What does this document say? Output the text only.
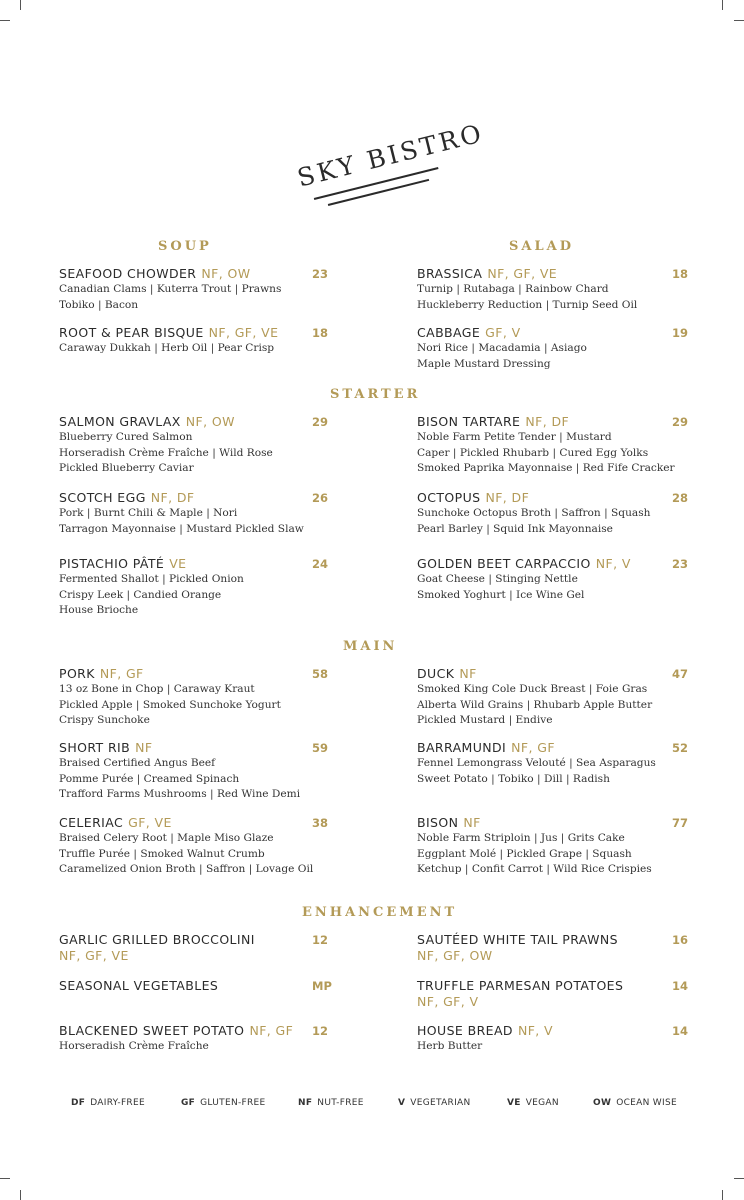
SKY BISTRO
SOUP	SALAD
STARTER
MAIN
ENHANCEMENT
SEAFOOD CHOWDER NF, OW
Canadian Clams | Kuterra Trout | Prawns
Tobiko | Bacon
23
ROOT & PEAR BISQUE NF, GF, VE
Caraway Dukkah | Herb Oil | Pear Crisp
18
BRASSICA NF, GF, VE
Turnip | Rutabaga | Rainbow Chard
Huckleberry Reduction | Turnip Seed Oil
18
CABBAGE GF, V
Nori Rice | Macadamia | Asiago
Maple Mustard Dressing
19
SALMON GRAVLAX NF, OW
Blueberry Cured Salmon
Horseradish Crème Fraîche | Wild Rose
Pickled Blueberry Caviar
29
SCOTCH EGG NF, DF
Pork | Burnt Chili & Maple | Nori
Tarragon Mayonnaise | Mustard Pickled Slaw
26
PISTACHIO PÂTÉ VE
Fermented Shallot | Pickled Onion
Crispy Leek | Candied Orange
House Brioche
24
BISON TARTARE NF, DF
Noble Farm Petite Tender | Mustard
Caper | Pickled Rhubarb | Cured Egg Yolks
Smoked Paprika Mayonnaise | Red Fife Cracker
29
OCTOPUS NF, DF
Sunchoke Octopus Broth | Saffron | Squash
Pearl Barley | Squid Ink Mayonnaise
28
GOLDEN BEET CARPACCIO NF, V
Goat Cheese | Stinging Nettle
Smoked Yoghurt | Ice Wine Gel
23
PORK NF, GF
13 oz Bone in Chop | Caraway Kraut
Pickled Apple | Smoked Sunchoke Yogurt
Crispy Sunchoke
58
SHORT RIB NF
Braised Certified Angus Beef
Pomme Purée | Creamed Spinach
Trafford Farms Mushrooms | Red Wine Demi
59
CELERIAC GF, VE
Braised Celery Root | Maple Miso Glaze
Truffle Purée | Smoked Walnut Crumb
Caramelized Onion Broth | Saffron | Lovage Oil
38
DUCK NF
Smoked King Cole Duck Breast | Foie Gras
Alberta Wild Grains | Rhubarb Apple Butter
Pickled Mustard | Endive
47
BARRAMUNDI NF, GF
Fennel Lemongrass Velouté | Sea Asparagus
Sweet Potato | Tobiko | Dill | Radish
52
BISON NF
Noble Farm Striploin | Jus | Grits Cake
Eggplant Molé | Pickled Grape | Squash
Ketchup | Confit Carrot | Wild Rice Crispies
77
GARLIC GRILLED BROCCOLINI
NF, GF, VE
12
SEASONAL VEGETABLES	MP
BLACKENED SWEET POTATO NF, GF
Horseradish Crème Fraîche
12
SAUTÉED WHITE TAIL PRAWNS
NF, GF, OW
16
TRUFFLE PARMESAN POTATOES
NF, GF, V
14
HOUSE BREAD NF, V
Herb Butter
14
DF DAIRY-FREE	GF GLUTEN-FREE	NF NUT-FREE	V VEGETARIAN	VE VEGAN	OW OCEAN WISE
